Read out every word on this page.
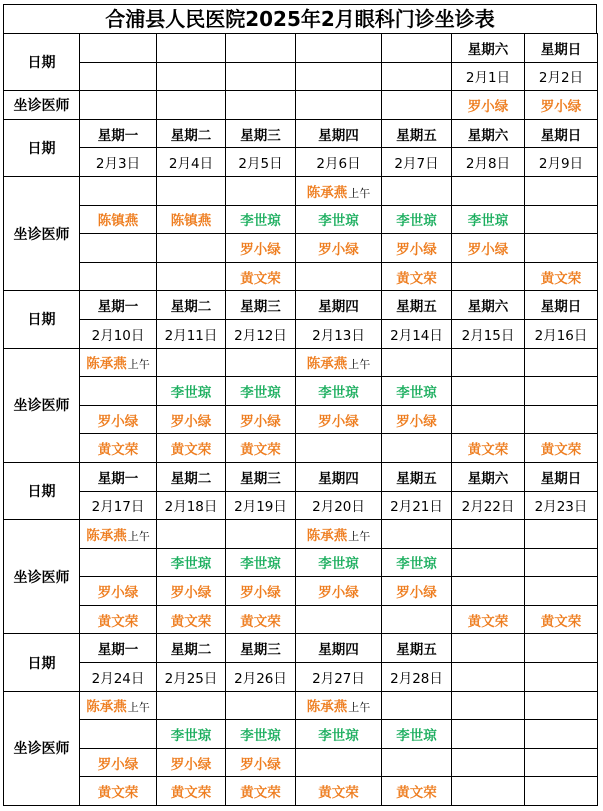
合浦县人民医院2025年2月眼科门诊坐诊表
日期						星期六	星期日
						2月1日	2月2日
坐诊医师						罗小绿	罗小绿
日期	星期一	星期二	星期三	星期四	星期五	星期六	星期日
	2月3日	2月4日	2月5日	2月6日	2月7日	2月8日	2月9日
坐诊医师				陈承燕上午			
	陈镇燕	陈镇燕	李世琼	李世琼	李世琼	李世琼	
			罗小绿	罗小绿	罗小绿	罗小绿	
			黄文荣		黄文荣		黄文荣
日期	星期一	星期二	星期三	星期四	星期五	星期六	星期日
	2月10日	2月11日	2月12日	2月13日	2月14日	2月15日	2月16日
坐诊医师	陈承燕上午			陈承燕上午			
		李世琼	李世琼	李世琼	李世琼		
	罗小绿	罗小绿	罗小绿	罗小绿	罗小绿		
	黄文荣	黄文荣	黄文荣			黄文荣	黄文荣
日期	星期一	星期二	星期三	星期四	星期五	星期六	星期日
	2月17日	2月18日	2月19日	2月20日	2月21日	2月22日	2月23日
坐诊医师	陈承燕上午			陈承燕上午			
		李世琼	李世琼	李世琼	李世琼		
	罗小绿	罗小绿	罗小绿	罗小绿	罗小绿		
	黄文荣	黄文荣	黄文荣			黄文荣	黄文荣
日期	星期一	星期二	星期三	星期四	星期五		
	2月24日	2月25日	2月26日	2月27日	2月28日		
坐诊医师	陈承燕上午			陈承燕上午			
		李世琼	李世琼	李世琼	李世琼		
	罗小绿	罗小绿	罗小绿				
	黄文荣	黄文荣	黄文荣	黄文荣	黄文荣		
